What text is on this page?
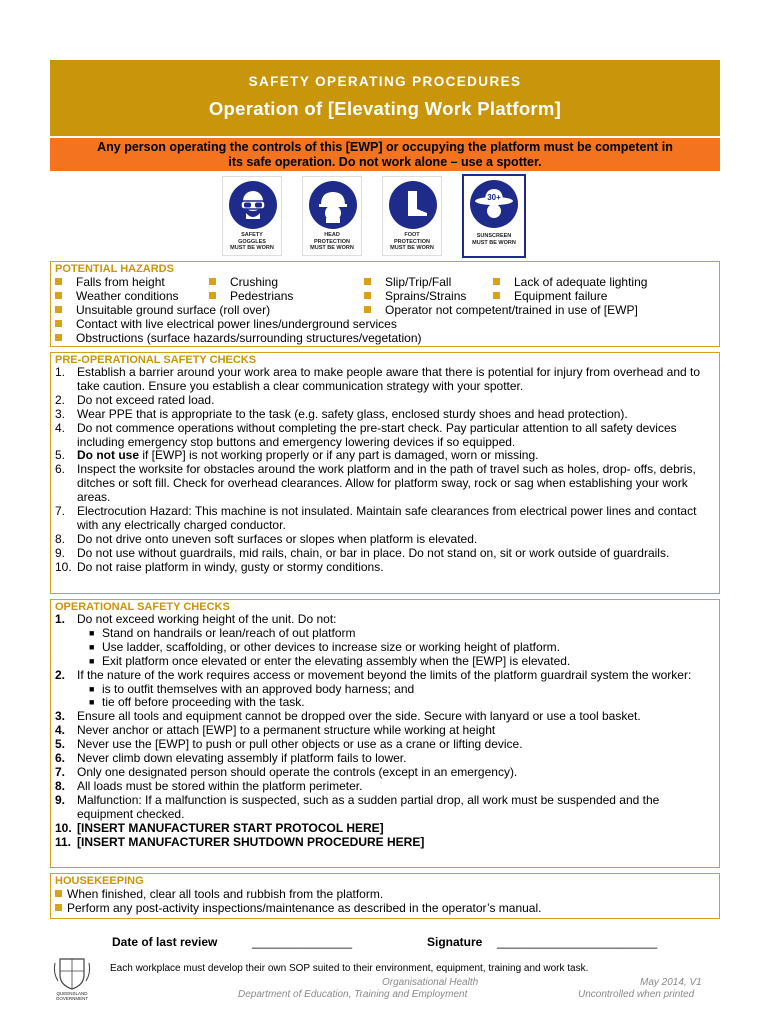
SAFETY OPERATING PROCEDURES
Operation of [Elevating Work Platform]
Any person operating the controls of this [EWP] or occupying the platform must be competent in
its safe operation. Do not work alone – use a spotter.
SAFETY
GOGGLES
MUST BE WORN
HEAD
PROTECTION
MUST BE WORN
FOOT
PROTECTION
MUST BE WORN
30+
SUNSCREEN
MUST BE WORN
POTENTIAL HAZARDS
Falls from height	Crushing	Slip/Trip/Fall	Lack of adequate lighting
Weather conditions	Pedestrians	Sprains/Strains	Equipment failure
Unsuitable ground surface (roll over)	Operator not competent/trained in use of [EWP]
Contact with live electrical power lines/underground services
Obstructions (surface hazards/surrounding structures/vegetation)
PRE-OPERATIONAL SAFETY CHECKS
1. Establish a barrier around your work area to make people aware that there is potential for injury from overhead and to take caution. Ensure you establish a clear communication strategy with your spotter.
2. Do not exceed rated load.
3. Wear PPE that is appropriate to the task (e.g. safety glass, enclosed sturdy shoes and head protection).
4. Do not commence operations without completing the pre-start check. Pay particular attention to all safety devices including emergency stop buttons and emergency lowering devices if so equipped.
5. Do not use if [EWP] is not working properly or if any part is damaged, worn or missing.
6. Inspect the worksite for obstacles around the work platform and in the path of travel such as holes, drop- offs, debris, ditches or soft fill. Check for overhead clearances. Allow for platform sway, rock or sag when establishing your work areas.
7. Electrocution Hazard: This machine is not insulated. Maintain safe clearances from electrical power lines and contact with any electrically charged conductor.
8. Do not drive onto uneven soft surfaces or slopes when platform is elevated.
9. Do not use without guardrails, mid rails, chain, or bar in place. Do not stand on, sit or work outside of guardrails.
10. Do not raise platform in windy, gusty or stormy conditions.
OPERATIONAL SAFETY CHECKS
1. Do not exceed working height of the unit. Do not:
■ Stand on handrails or lean/reach of out platform
■ Use ladder, scaffolding, or other devices to increase size or working height of platform.
■ Exit platform once elevated or enter the elevating assembly when the [EWP] is elevated.
2. If the nature of the work requires access or movement beyond the limits of the platform guardrail system the worker:
■ is to outfit themselves with an approved body harness; and
■ tie off before proceeding with the task.
3. Ensure all tools and equipment cannot be dropped over the side. Secure with lanyard or use a tool basket.
4. Never anchor or attach [EWP] to a permanent structure while working at height
5. Never use the [EWP] to push or pull other objects or use as a crane or lifting device.
6. Never climb down elevating assembly if platform fails to lower.
7. Only one designated person should operate the controls (except in an emergency).
8. All loads must be stored within the platform perimeter.
9. Malfunction: If a malfunction is suspected, such as a sudden partial drop, all work must be suspended and the equipment checked.
10. [INSERT MANUFACTURER START PROTOCOL HERE]
11. [INSERT MANUFACTURER SHUTDOWN PROCEDURE HERE]
HOUSEKEEPING
When finished, clear all tools and rubbish from the platform.
Perform any post-activity inspections/maintenance as described in the operator’s manual.
Date of last review	_______________	Signature ________________________
QUEENSLAND
GOVERNMENT
Each workplace must develop their own SOP suited to their environment, equipment, training and work task.
Organisational Health
Department of Education, Training and Employment
May 2014, V1
Uncontrolled when printed
